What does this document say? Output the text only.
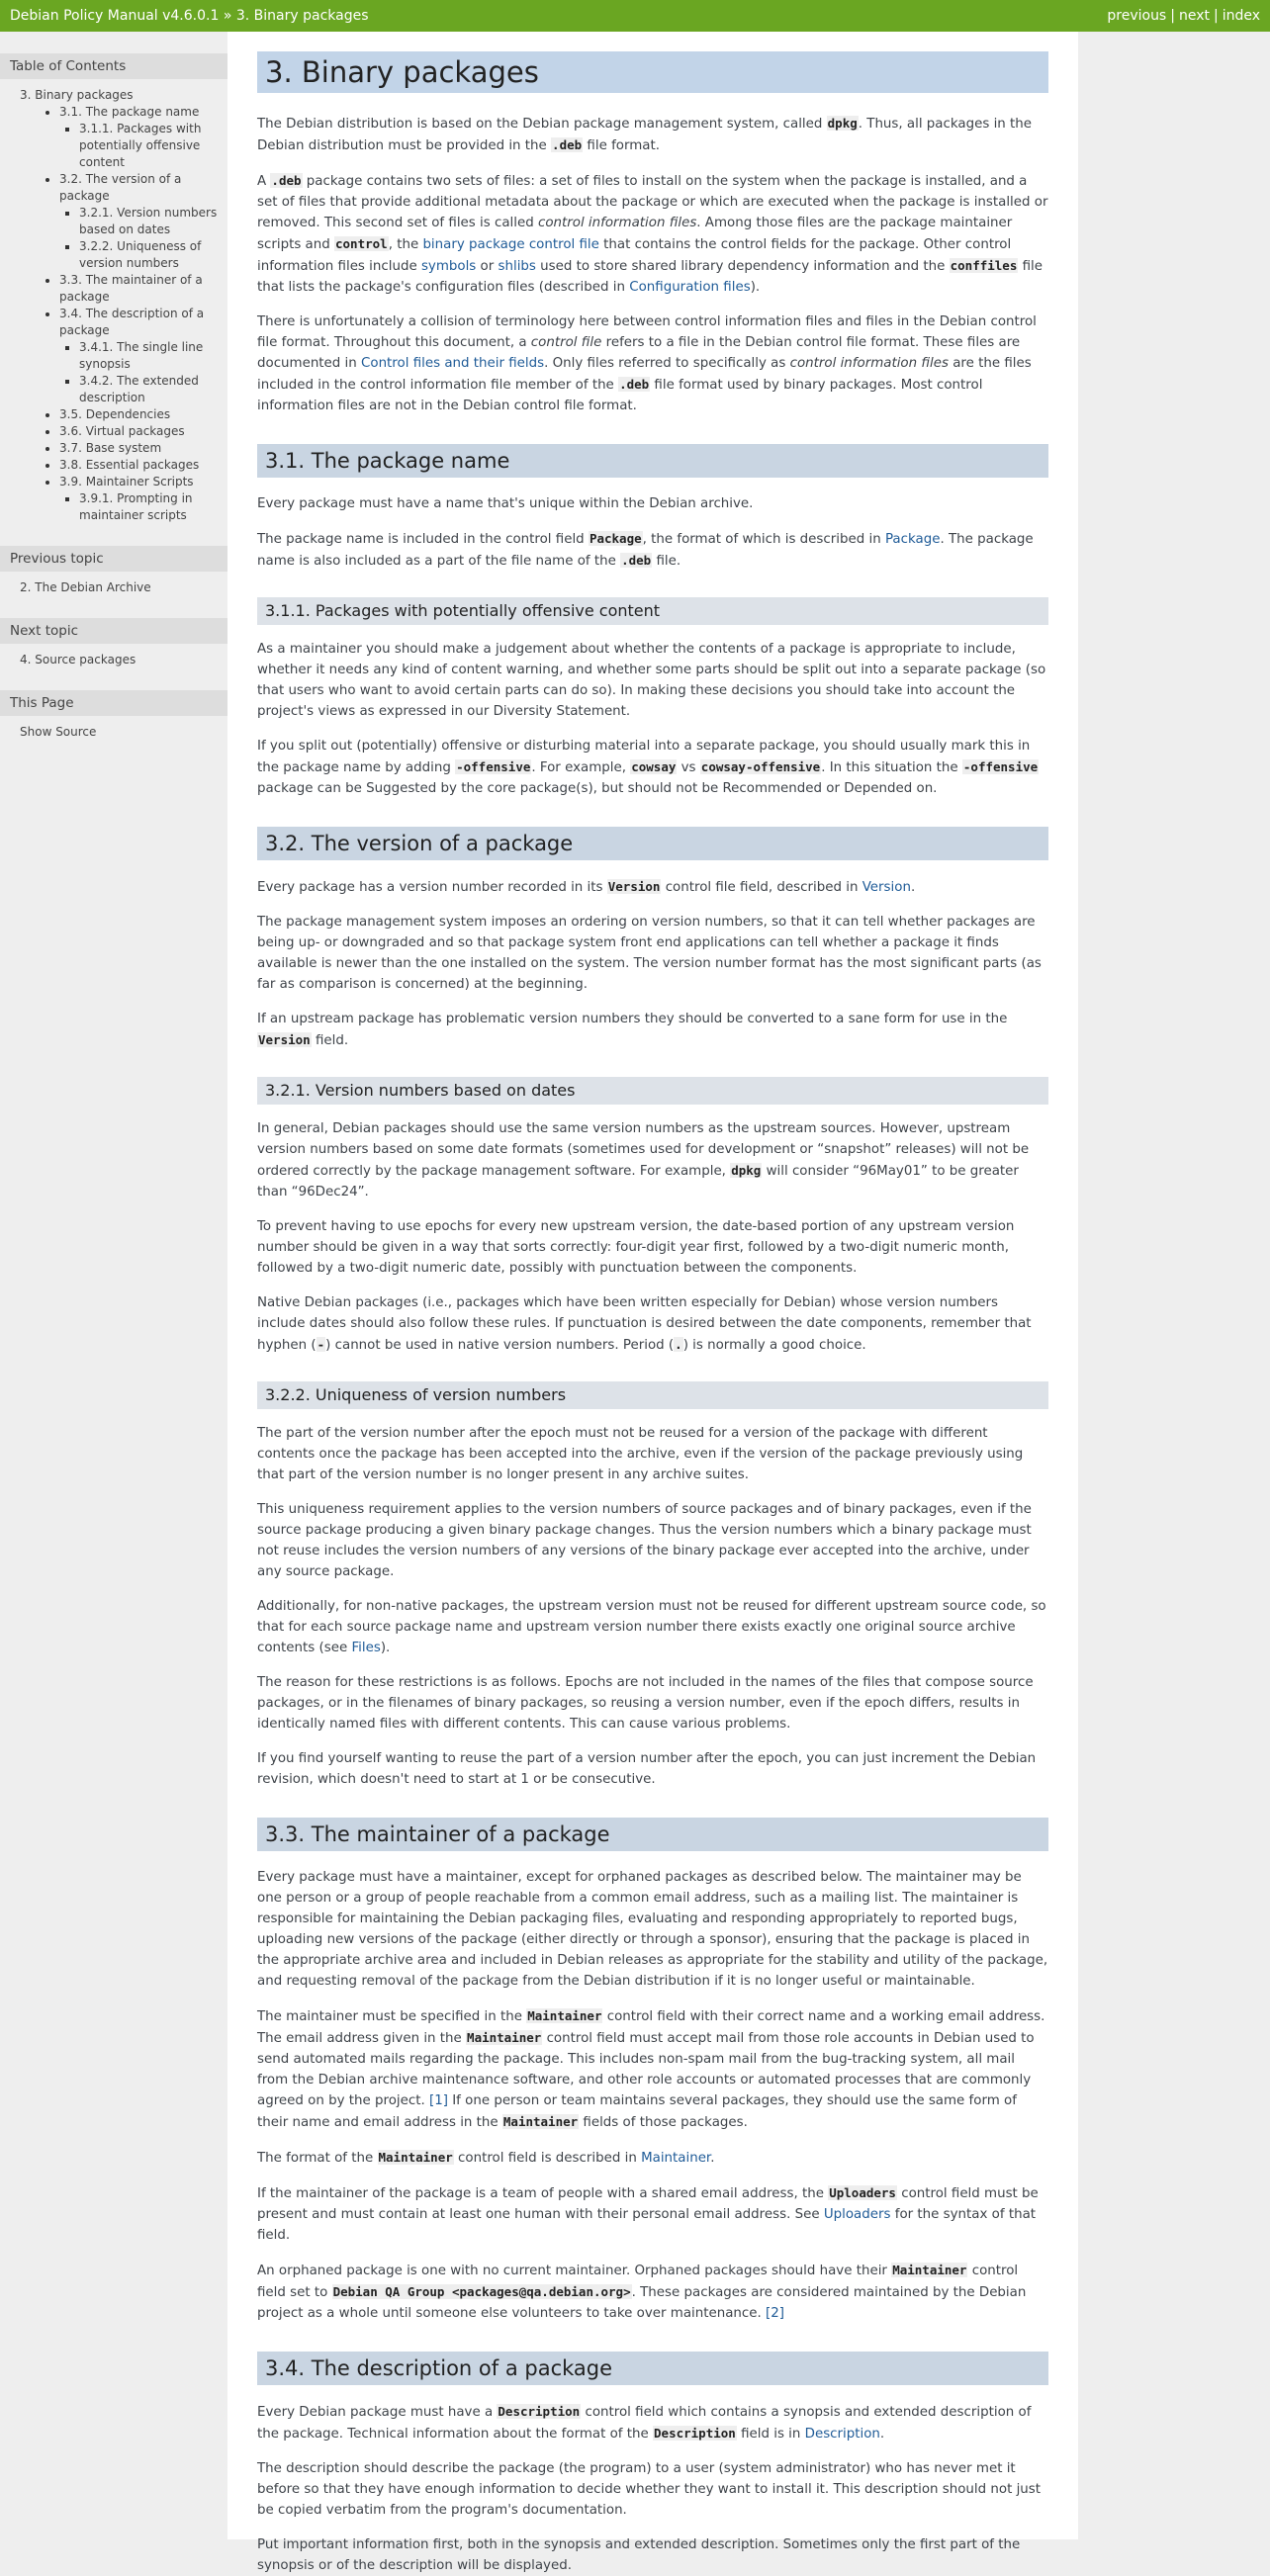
Debian Policy Manual v4.6.0.1 » 3. Binary packages	previous | next | index
Table of Contents
3. Binary packages
• 3.1. The package name
▪ 3.1.1. Packages with potentially offensive content
• 3.2. The version of a package
▪ 3.2.1. Version numbers based on dates
▪ 3.2.2. Uniqueness of version numbers
• 3.3. The maintainer of a package
• 3.4. The description of a package
▪ 3.4.1. The single line synopsis
▪ 3.4.2. The extended description
• 3.5. Dependencies
• 3.6. Virtual packages
• 3.7. Base system
• 3.8. Essential packages
• 3.9. Maintainer Scripts
▪ 3.9.1. Prompting in maintainer scripts
Previous topic
2. The Debian Archive
Next topic
4. Source packages
This Page
Show Source
3. Binary packages

The Debian distribution is based on the Debian package management system, called dpkg. Thus, all packages in the Debian distribution must be provided in the .deb file format.

A .deb package contains two sets of files: a set of files to install on the system when the package is installed, and a set of files that provide additional metadata about the package or which are executed when the package is installed or removed. This second set of files is called control information files. Among those files are the package maintainer scripts and control, the binary package control file that contains the control fields for the package. Other control information files include symbols or shlibs used to store shared library dependency information and the conffiles file that lists the package's configuration files (described in Configuration files).

There is unfortunately a collision of terminology here between control information files and files in the Debian control file format. Throughout this document, a control file refers to a file in the Debian control file format. These files are documented in Control files and their fields. Only files referred to specifically as control information files are the files included in the control information file member of the .deb file format used by binary packages. Most control information files are not in the Debian control file format.

3.1. The package name

Every package must have a name that's unique within the Debian archive.

The package name is included in the control field Package, the format of which is described in Package. The package name is also included as a part of the file name of the .deb file.

3.1.1. Packages with potentially offensive content

As a maintainer you should make a judgement about whether the contents of a package is appropriate to include, whether it needs any kind of content warning, and whether some parts should be split out into a separate package (so that users who want to avoid certain parts can do so). In making these decisions you should take into account the project's views as expressed in our Diversity Statement.

If you split out (potentially) offensive or disturbing material into a separate package, you should usually mark this in the package name by adding -offensive. For example, cowsay vs cowsay-offensive. In this situation the -offensive package can be Suggested by the core package(s), but should not be Recommended or Depended on.

3.2. The version of a package

Every package has a version number recorded in its Version control file field, described in Version.

The package management system imposes an ordering on version numbers, so that it can tell whether packages are being up- or downgraded and so that package system front end applications can tell whether a package it finds available is newer than the one installed on the system. The version number format has the most significant parts (as far as comparison is concerned) at the beginning.

If an upstream package has problematic version numbers they should be converted to a sane form for use in the Version field.

3.2.1. Version numbers based on dates

In general, Debian packages should use the same version numbers as the upstream sources. However, upstream version numbers based on some date formats (sometimes used for development or “snapshot” releases) will not be ordered correctly by the package management software. For example, dpkg will consider “96May01” to be greater than “96Dec24”.

To prevent having to use epochs for every new upstream version, the date-based portion of any upstream version number should be given in a way that sorts correctly: four-digit year first, followed by a two-digit numeric month, followed by a two-digit numeric date, possibly with punctuation between the components.

Native Debian packages (i.e., packages which have been written especially for Debian) whose version numbers include dates should also follow these rules. If punctuation is desired between the date components, remember that hyphen (-) cannot be used in native version numbers. Period (.) is normally a good choice.

3.2.2. Uniqueness of version numbers

The part of the version number after the epoch must not be reused for a version of the package with different contents once the package has been accepted into the archive, even if the version of the package previously using that part of the version number is no longer present in any archive suites.

This uniqueness requirement applies to the version numbers of source packages and of binary packages, even if the source package producing a given binary package changes. Thus the version numbers which a binary package must not reuse includes the version numbers of any versions of the binary package ever accepted into the archive, under any source package.

Additionally, for non-native packages, the upstream version must not be reused for different upstream source code, so that for each source package name and upstream version number there exists exactly one original source archive contents (see Files).

The reason for these restrictions is as follows. Epochs are not included in the names of the files that compose source packages, or in the filenames of binary packages, so reusing a version number, even if the epoch differs, results in identically named files with different contents. This can cause various problems.

If you find yourself wanting to reuse the part of a version number after the epoch, you can just increment the Debian revision, which doesn't need to start at 1 or be consecutive.

3.3. The maintainer of a package

Every package must have a maintainer, except for orphaned packages as described below. The maintainer may be one person or a group of people reachable from a common email address, such as a mailing list. The maintainer is responsible for maintaining the Debian packaging files, evaluating and responding appropriately to reported bugs, uploading new versions of the package (either directly or through a sponsor), ensuring that the package is placed in the appropriate archive area and included in Debian releases as appropriate for the stability and utility of the package, and requesting removal of the package from the Debian distribution if it is no longer useful or maintainable.

The maintainer must be specified in the Maintainer control field with their correct name and a working email address. The email address given in the Maintainer control field must accept mail from those role accounts in Debian used to send automated mails regarding the package. This includes non-spam mail from the bug-tracking system, all mail from the Debian archive maintenance software, and other role accounts or automated processes that are commonly agreed on by the project. [1] If one person or team maintains several packages, they should use the same form of their name and email address in the Maintainer fields of those packages.

The format of the Maintainer control field is described in Maintainer.

If the maintainer of the package is a team of people with a shared email address, the Uploaders control field must be present and must contain at least one human with their personal email address. See Uploaders for the syntax of that field.

An orphaned package is one with no current maintainer. Orphaned packages should have their Maintainer control field set to Debian QA Group <packages@qa.debian.org>. These packages are considered maintained by the Debian project as a whole until someone else volunteers to take over maintenance. [2]

3.4. The description of a package

Every Debian package must have a Description control field which contains a synopsis and extended description of the package. Technical information about the format of the Description field is in Description.

The description should describe the package (the program) to a user (system administrator) who has never met it before so that they have enough information to decide whether they want to install it. This description should not just be copied verbatim from the program's documentation.

Put important information first, both in the synopsis and extended description. Sometimes only the first part of the synopsis or of the description will be displayed.
